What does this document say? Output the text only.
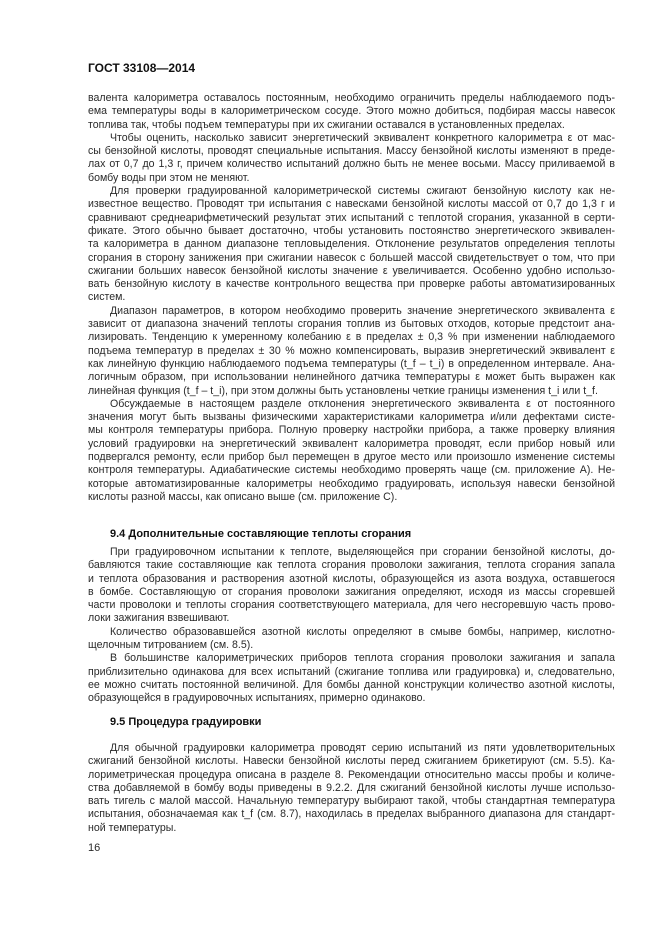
ГОСТ 33108—2014
валента калориметра оставалось постоянным, необходимо ограничить пределы наблюдаемого подъ-
ема температуры воды в калориметрическом сосуде. Этого можно добиться, подбирая массы навесок
топлива так, чтобы подъем температуры при их сжигании оставался в установленных пределах.
Чтобы оценить, насколько зависит энергетический эквивалент конкретного калориметра ε от мас-
сы бензойной кислоты, проводят специальные испытания. Массу бензойной кислоты изменяют в преде-
лах от 0,7 до 1,3 г, причем количество испытаний должно быть не менее восьми. Массу приливаемой в
бомбу воды при этом не меняют.
Для проверки градуированной калориметрической системы сжигают бензойную кислоту как не-
известное вещество. Проводят три испытания с навесками бензойной кислоты массой от 0,7 до 1,3 г и
сравнивают среднеарифметический результат этих испытаний с теплотой сгорания, указанной в серти-
фикате. Этого обычно бывает достаточно, чтобы установить постоянство энергетического эквивален-
та калориметра в данном диапазоне тепловыделения. Отклонение результатов определения теплоты
сгорания в сторону занижения при сжигании навесок с большей массой свидетельствует о том, что при
сжигании больших навесок бензойной кислоты значение ε увеличивается. Особенно удобно использо-
вать бензойную кислоту в качестве контрольного вещества при проверке работы автоматизированных
систем.
Диапазон параметров, в котором необходимо проверить значение энергетического эквивалента ε
зависит от диапазона значений теплоты сгорания топлив из бытовых отходов, которые предстоит ана-
лизировать. Тенденцию к умеренному колебанию ε в пределах ± 0,3 % при изменении наблюдаемого
подъема температур в пределах ± 30 % можно компенсировать, выразив энергетический эквивалент ε
как линейную функцию наблюдаемого подъема температуры (t_f – t_i) в определенном интервале. Ана-
логичным образом, при использовании нелинейного датчика температуры ε может быть выражен как
линейная функция (t_f – t_i), при этом должны быть установлены четкие границы изменения t_i или t_f.
Обсуждаемые в настоящем разделе отклонения энергетического эквивалента ε от постоянного
значения могут быть вызваны физическими характеристиками калориметра и/или дефектами систе-
мы контроля температуры прибора. Полную проверку настройки прибора, а также проверку влияния
условий градуировки на энергетический эквивалент калориметра проводят, если прибор новый или
подвергался ремонту, если прибор был перемещен в другое место или произошло изменение системы
контроля температуры. Адиабатические системы необходимо проверять чаще (см. приложение А). Не-
которые автоматизированные калориметры необходимо градуировать, используя навески бензойной
кислоты разной массы, как описано выше (см. приложение С).
9.4 Дополнительные составляющие теплоты сгорания
При градуировочном испытании к теплоте, выделяющейся при сгорании бензойной кислоты, до-
бавляются такие составляющие как теплота сгорания проволоки зажигания, теплота сгорания запала
и теплота образования и растворения азотной кислоты, образующейся из азота воздуха, оставшегося
в бомбе. Составляющую от сгорания проволоки зажигания определяют, исходя из массы сгоревшей
части проволоки и теплоты сгорания соответствующего материала, для чего несгоревшую часть прово-
локи зажигания взвешивают.
Количество образовавшейся азотной кислоты определяют в смыве бомбы, например, кислотно-
щелочным титрованием (см. 8.5).
В большинстве калориметрических приборов теплота сгорания проволоки зажигания и запала
приблизительно одинакова для всех испытаний (сжигание топлива или градуировка) и, следовательно,
ее можно считать постоянной величиной. Для бомбы данной конструкции количество азотной кислоты,
образующейся в градуировочных испытаниях, примерно одинаково.
9.5 Процедура градуировки
Для обычной градуировки калориметра проводят серию испытаний из пяти удовлетворительных
сжиганий бензойной кислоты. Навески бензойной кислоты перед сжиганием брикетируют (см. 5.5). Ка-
лориметрическая процедура описана в разделе 8. Рекомендации относительно массы пробы и количе-
ства добавляемой в бомбу воды приведены в 9.2.2. Для сжиганий бензойной кислоты лучше использо-
вать тигель с малой массой. Начальную температуру выбирают такой, чтобы стандартная температура
испытания, обозначаемая как t_f (см. 8.7), находилась в пределах выбранного диапазона для стандарт-
ной температуры.
16
